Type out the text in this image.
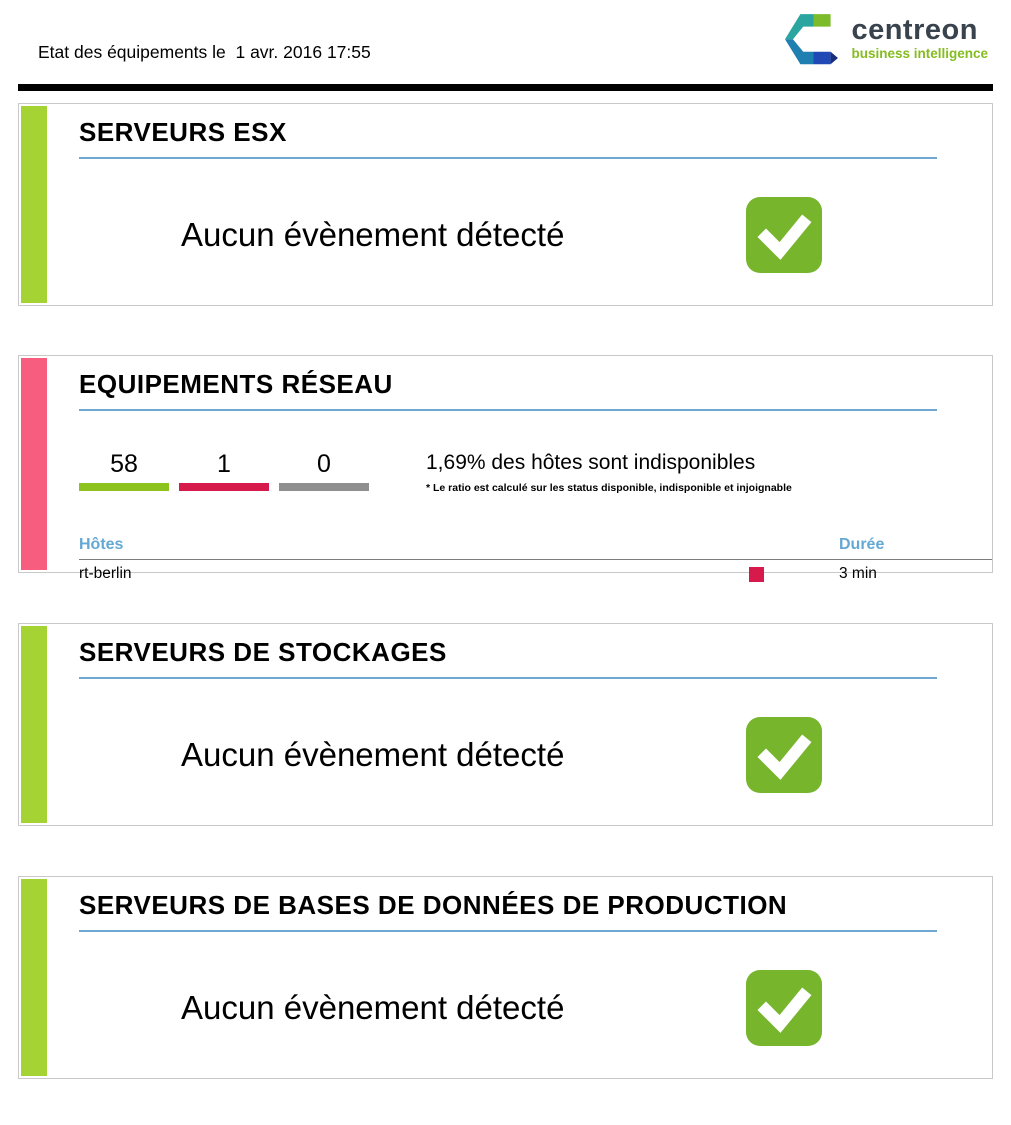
Etat des équipements le  1 avr. 2016 17:55
centreon
business intelligence
SERVEURS ESX
Aucun évènement détecté
EQUIPEMENTS RÉSEAU
58	1	0	1,69% des hôtes sont indisponibles
* Le ratio est calculé sur les status disponible, indisponible et injoignable
Hôtes	Durée
rt-berlin	3 min
SERVEURS DE STOCKAGES
Aucun évènement détecté
SERVEURS DE BASES DE DONNÉES DE PRODUCTION
Aucun évènement détecté
